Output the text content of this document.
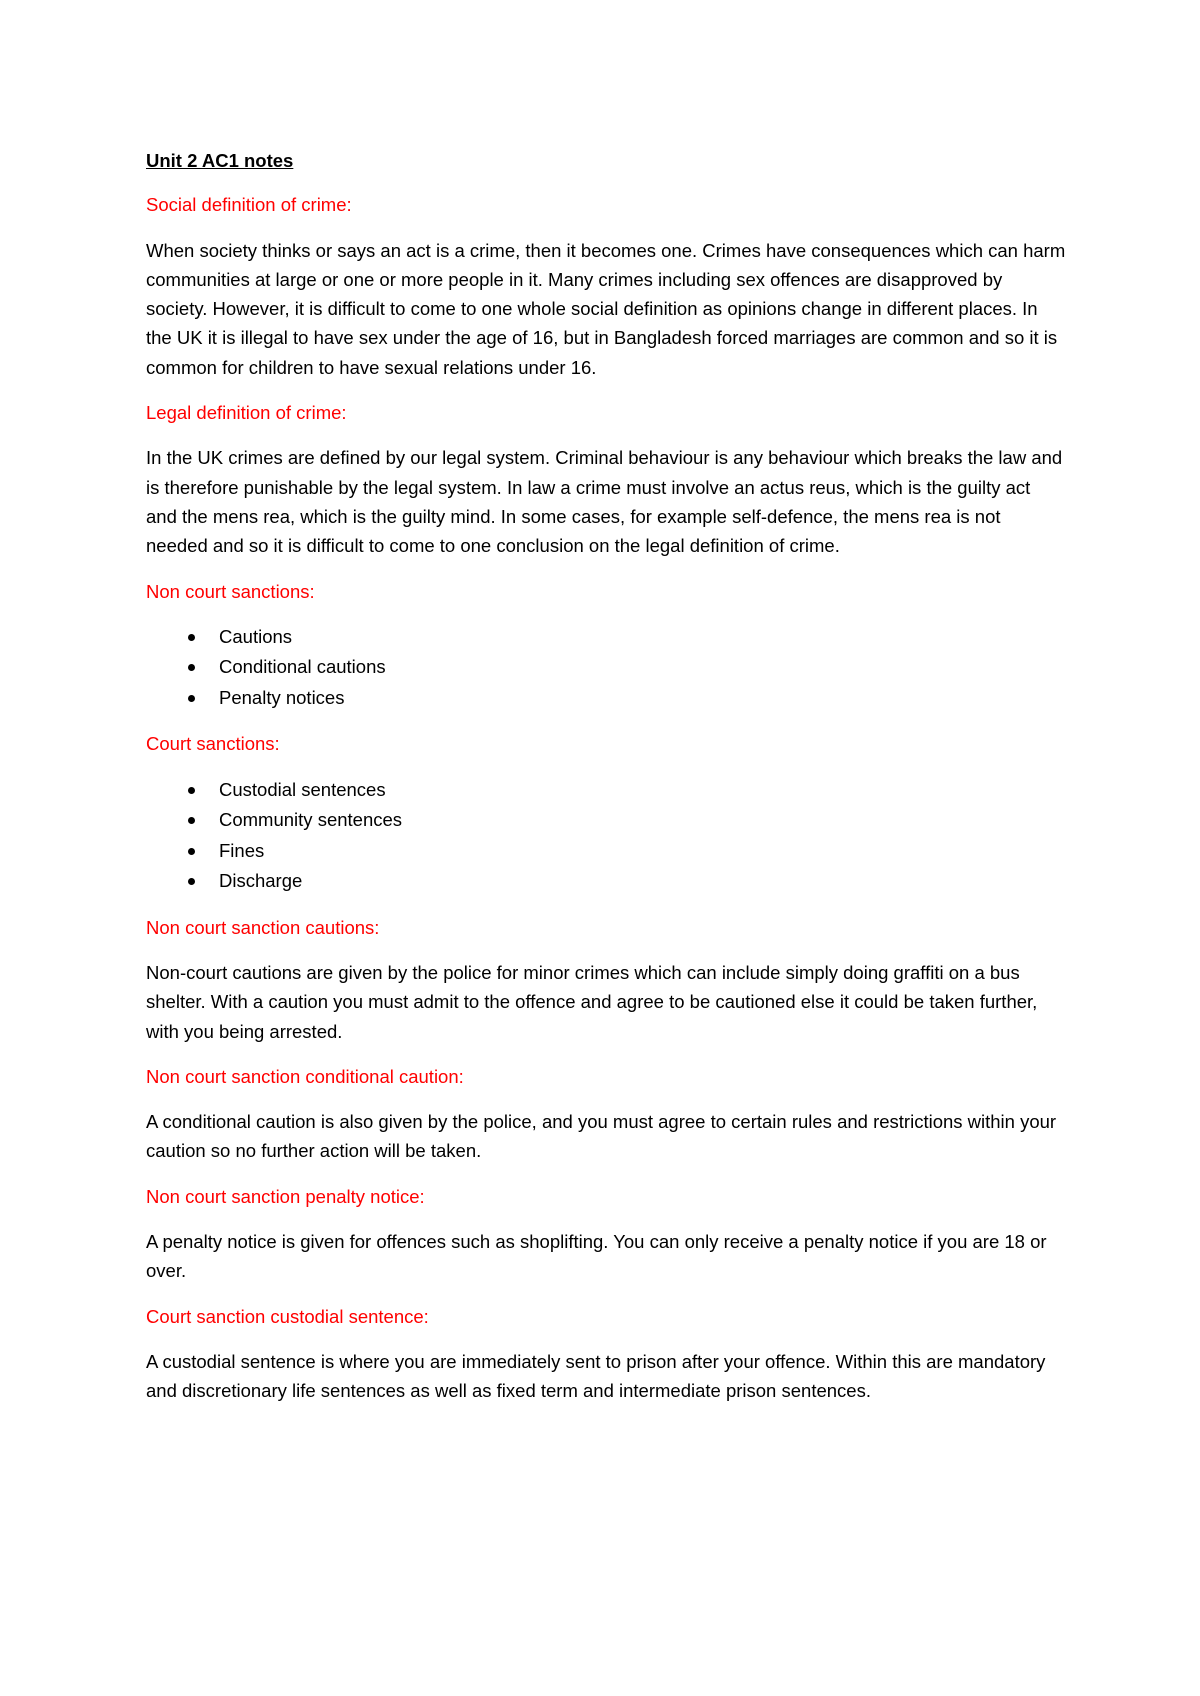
Unit 2 AC1 notes

Social definition of crime:

When society thinks or says an act is a crime, then it becomes one. Crimes have consequences which can harm communities at large or one or more people in it. Many crimes including sex offences are disapproved by society. However, it is difficult to come to one whole social definition as opinions change in different places. In the UK it is illegal to have sex under the age of 16, but in Bangladesh forced marriages are common and so it is common for children to have sexual relations under 16.

Legal definition of crime:

In the UK crimes are defined by our legal system. Criminal behaviour is any behaviour which breaks the law and is therefore punishable by the legal system. In law a crime must involve an actus reus, which is the guilty act and the mens rea, which is the guilty mind. In some cases, for example self-defence, the mens rea is not needed and so it is difficult to come to one conclusion on the legal definition of crime.

Non court sanctions:

Cautions
Conditional cautions
Penalty notices

Court sanctions:

Custodial sentences
Community sentences
Fines
Discharge

Non court sanction cautions:

Non-court cautions are given by the police for minor crimes which can include simply doing graffiti on a bus shelter. With a caution you must admit to the offence and agree to be cautioned else it could be taken further, with you being arrested.

Non court sanction conditional caution:

A conditional caution is also given by the police, and you must agree to certain rules and restrictions within your caution so no further action will be taken.

Non court sanction penalty notice:

A penalty notice is given for offences such as shoplifting. You can only receive a penalty notice if you are 18 or over.

Court sanction custodial sentence:

A custodial sentence is where you are immediately sent to prison after your offence. Within this are mandatory and discretionary life sentences as well as fixed term and intermediate prison sentences.
